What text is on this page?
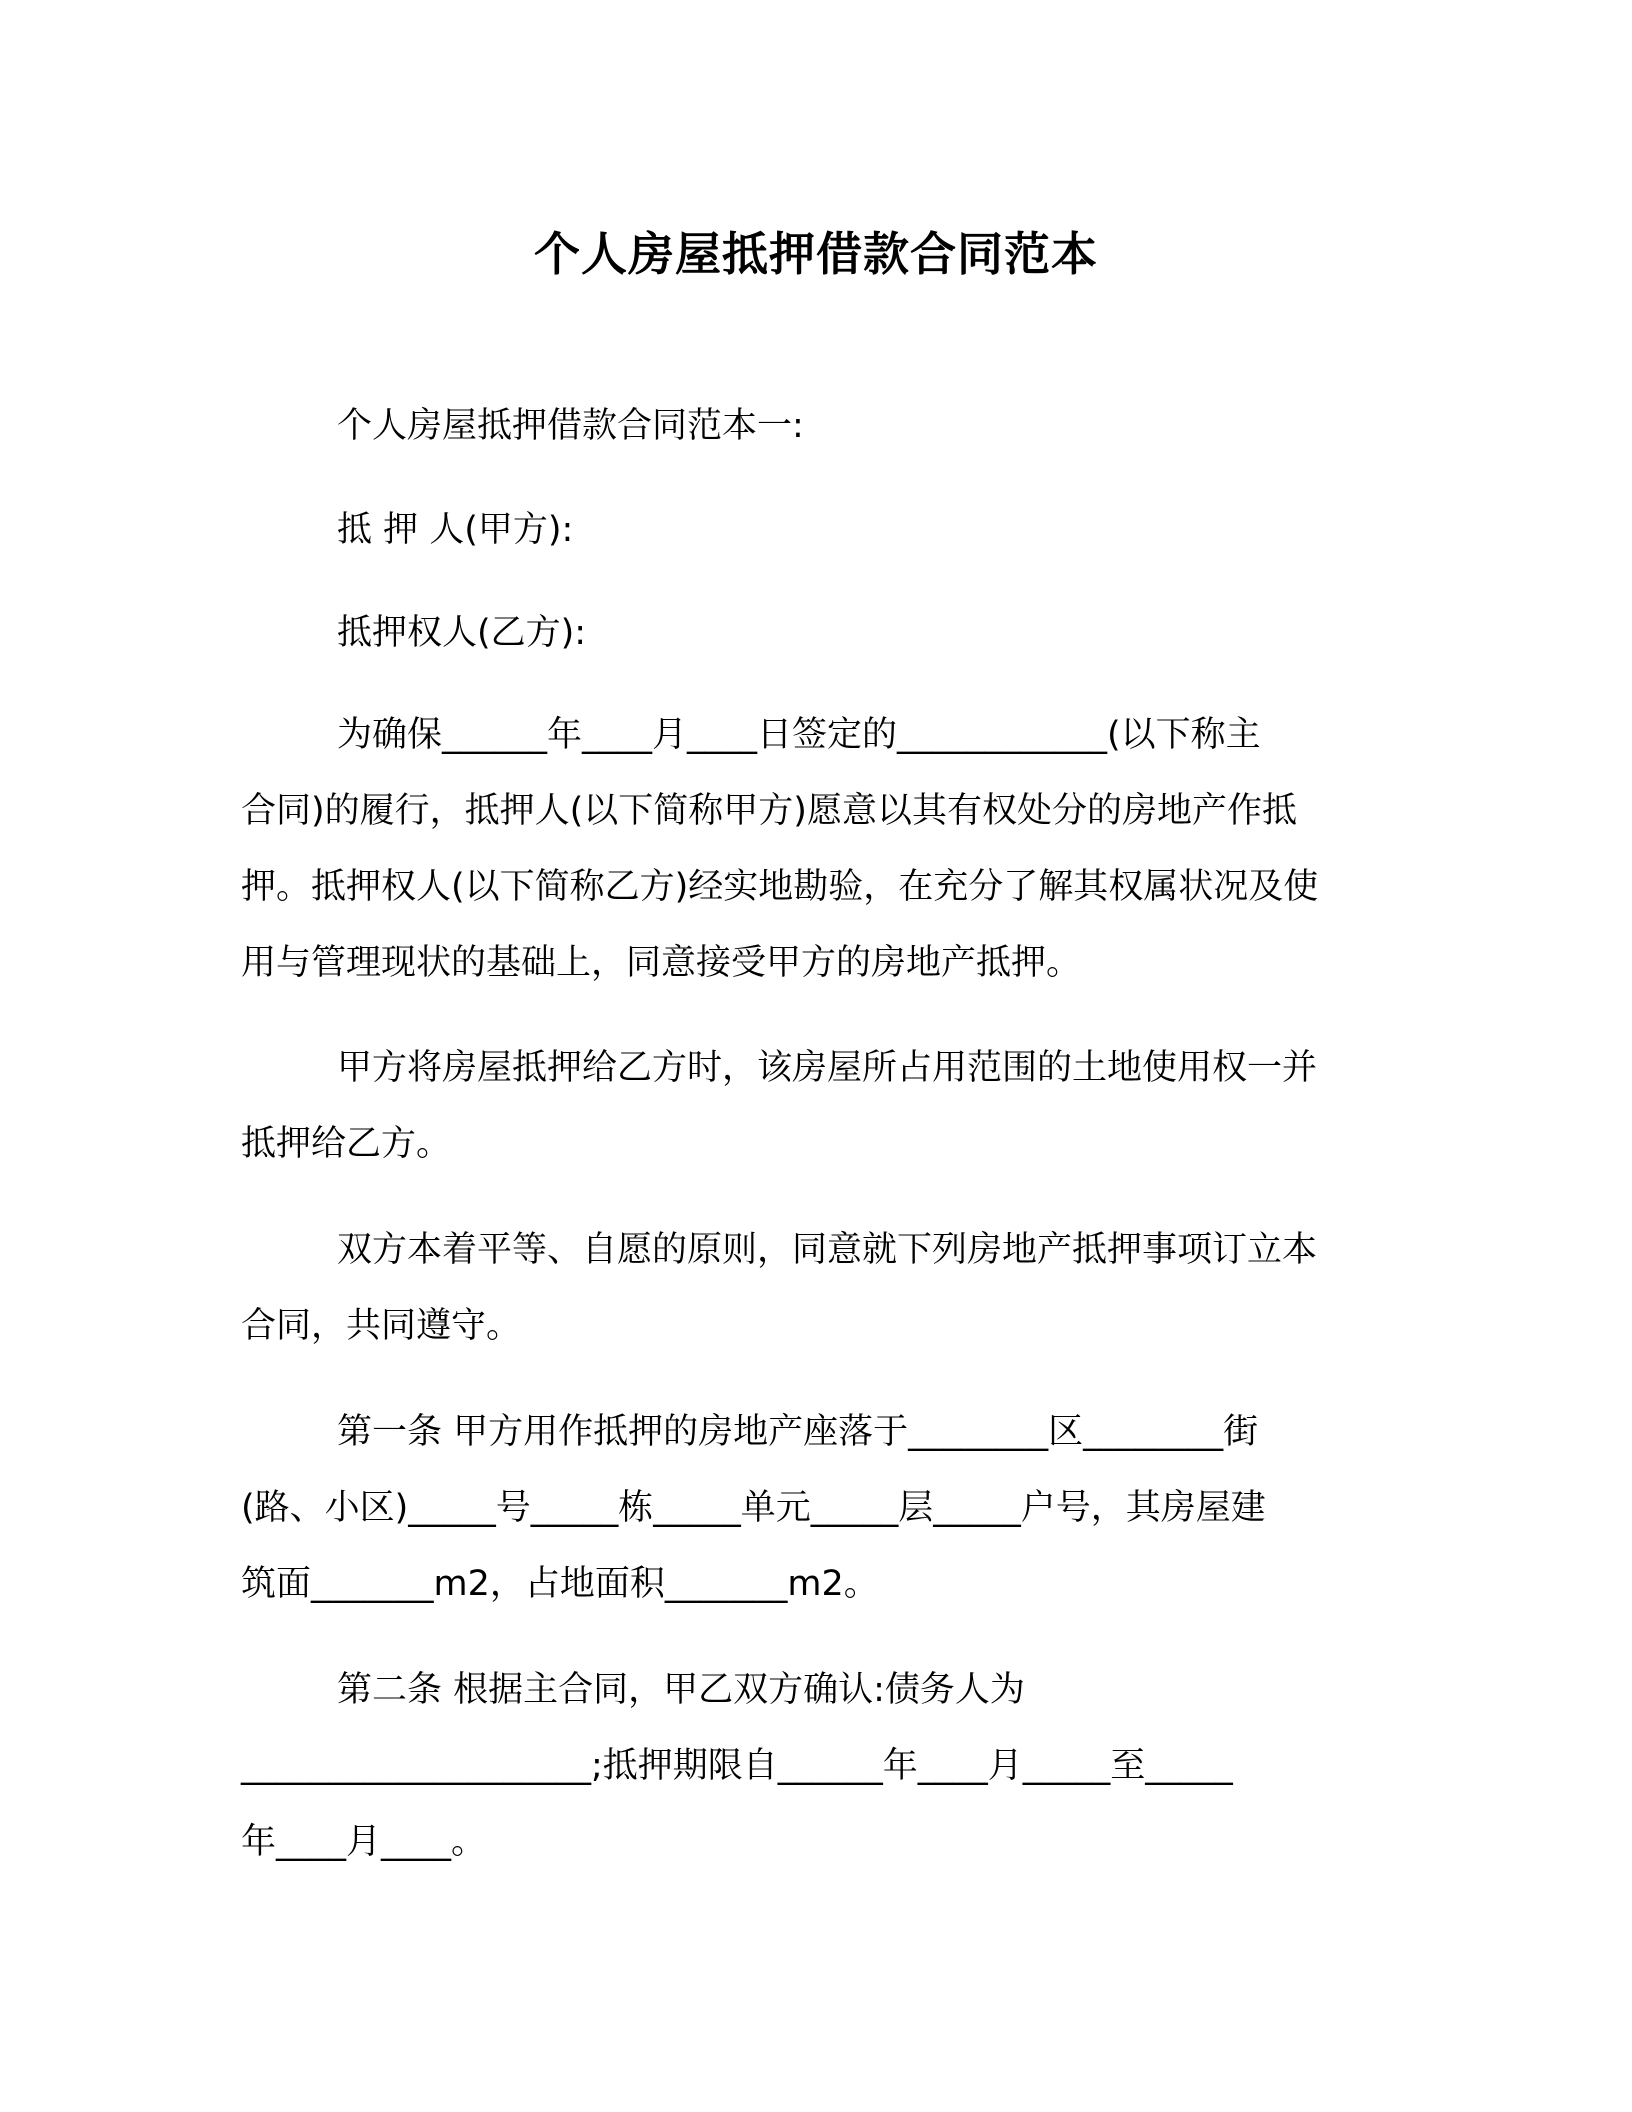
个人房屋抵押借款合同范本

个人房屋抵押借款合同范本一:

抵 押 人(甲方):

抵押权人(乙方):

为确保______年____月____日签定的____________(以下称主
合同)的履行，抵押人(以下简称甲方)愿意以其有权处分的房地产作抵
押。抵押权人(以下简称乙方)经实地勘验，在充分了解其权属状况及使
用与管理现状的基础上，同意接受甲方的房地产抵押。

甲方将房屋抵押给乙方时，该房屋所占用范围的土地使用权一并
抵押给乙方。

双方本着平等、自愿的原则，同意就下列房地产抵押事项订立本
合同，共同遵守。

第一条 甲方用作抵押的房地产座落于________区________街
(路、小区)_____号_____栋_____单元_____层_____户号，其房屋建
筑面_______m2，占地面积_______m2。

第二条 根据主合同，甲乙双方确认:债务人为
____________________;抵押期限自______年____月_____至_____
年____月____。
